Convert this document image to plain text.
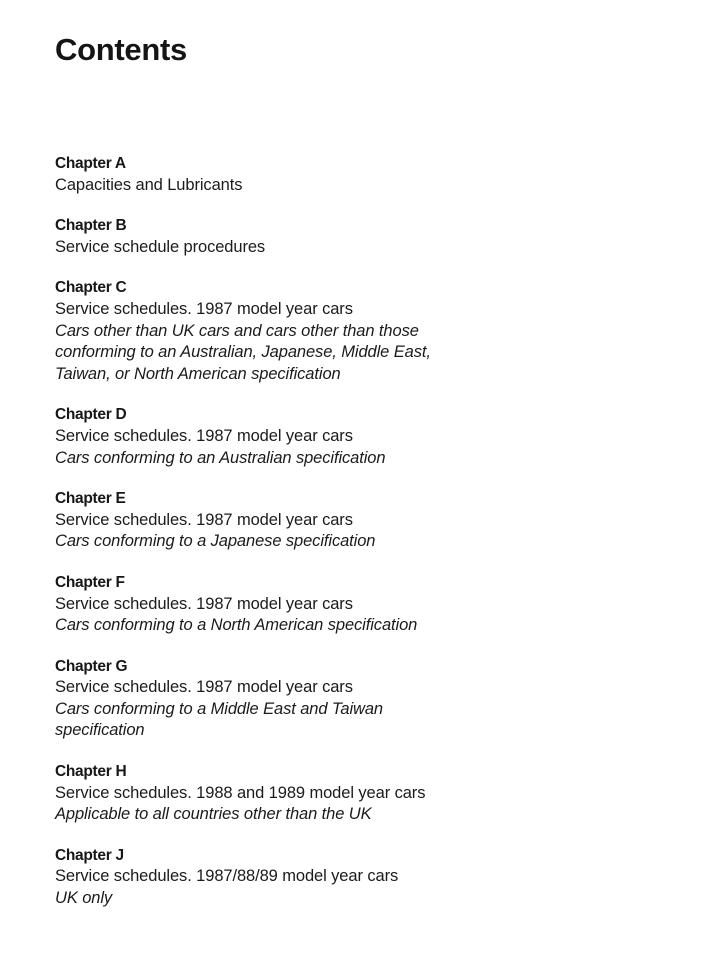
Contents
Chapter A
Capacities and Lubricants
Chapter B
Service schedule procedures
Chapter C
Service schedules. 1987 model year cars
Cars other than UK cars and cars other than those
conforming to an Australian, Japanese, Middle East,
Taiwan, or North American specification
Chapter D
Service schedules. 1987 model year cars
Cars conforming to an Australian specification
Chapter E
Service schedules. 1987 model year cars
Cars conforming to a Japanese specification
Chapter F
Service schedules. 1987 model year cars
Cars conforming to a North American specification
Chapter G
Service schedules. 1987 model year cars
Cars conforming to a Middle East and Taiwan
specification
Chapter H
Service schedules. 1988 and 1989 model year cars
Applicable to all countries other than the UK
Chapter J
Service schedules. 1987/88/89 model year cars
UK only
